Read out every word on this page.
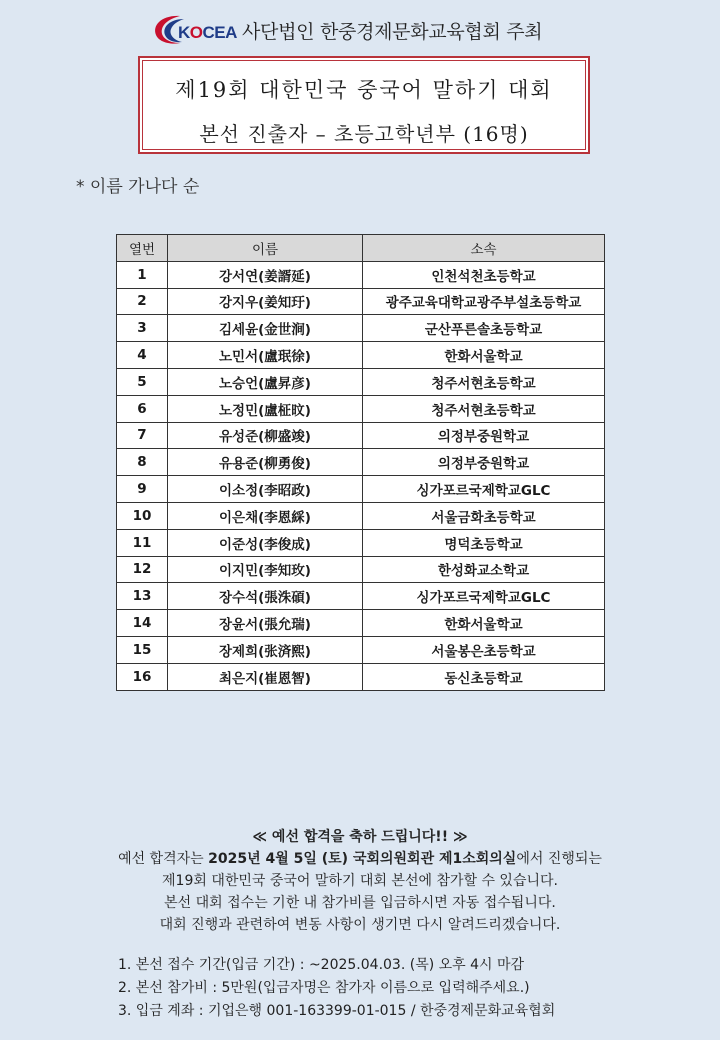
KOCEA 사단법인 한중경제문화교육협회 주최
제19회 대한민국 중국어 말하기 대회
본선 진출자 – 초등고학년부 (16명)
* 이름 가나다 순
열번	이름	소속
1	강서연(姜諝延)	인천석천초등학교
2	강지우(姜知玗)	광주교육대학교광주부설초등학교
3	김세윤(金世涧)	군산푸른솔초등학교
4	노민서(盧珉徐)	한화서울학교
5	노승언(盧昇彦)	청주서현초등학교
6	노정민(盧柾旼)	청주서현초등학교
7	유성준(柳盛竣)	의정부중원학교
8	유용준(柳勇俊)	의정부중원학교
9	이소정(李昭政)	싱가포르국제학교GLC
10	이은채(李恩綵)	서울금화초등학교
11	이준성(李俊成)	명덕초등학교
12	이지민(李知玫)	한성화교소학교
13	장수석(張洙碩)	싱가포르국제학교GLC
14	장윤서(張允瑞)	한화서울학교
15	장제희(张済熙)	서울봉은초등학교
16	최은지(崔恩智)	동신초등학교
≪ 예선 합격을 축하 드립니다!! ≫
예선 합격자는 2025년 4월 5일 (토) 국회의원회관 제1소회의실에서 진행되는
제19회 대한민국 중국어 말하기 대회 본선에 참가할 수 있습니다.
본선 대회 접수는 기한 내 참가비를 입금하시면 자동 접수됩니다.
대회 진행과 관련하여 변동 사항이 생기면 다시 알려드리겠습니다.
1. 본선 접수 기간(입금 기간) : ~2025.04.03. (목) 오후 4시 마감
2. 본선 참가비 : 5만원(입금자명은 참가자 이름으로 입력해주세요.)
3. 입금 계좌 : 기업은행 001-163399-01-015 / 한중경제문화교육협회
